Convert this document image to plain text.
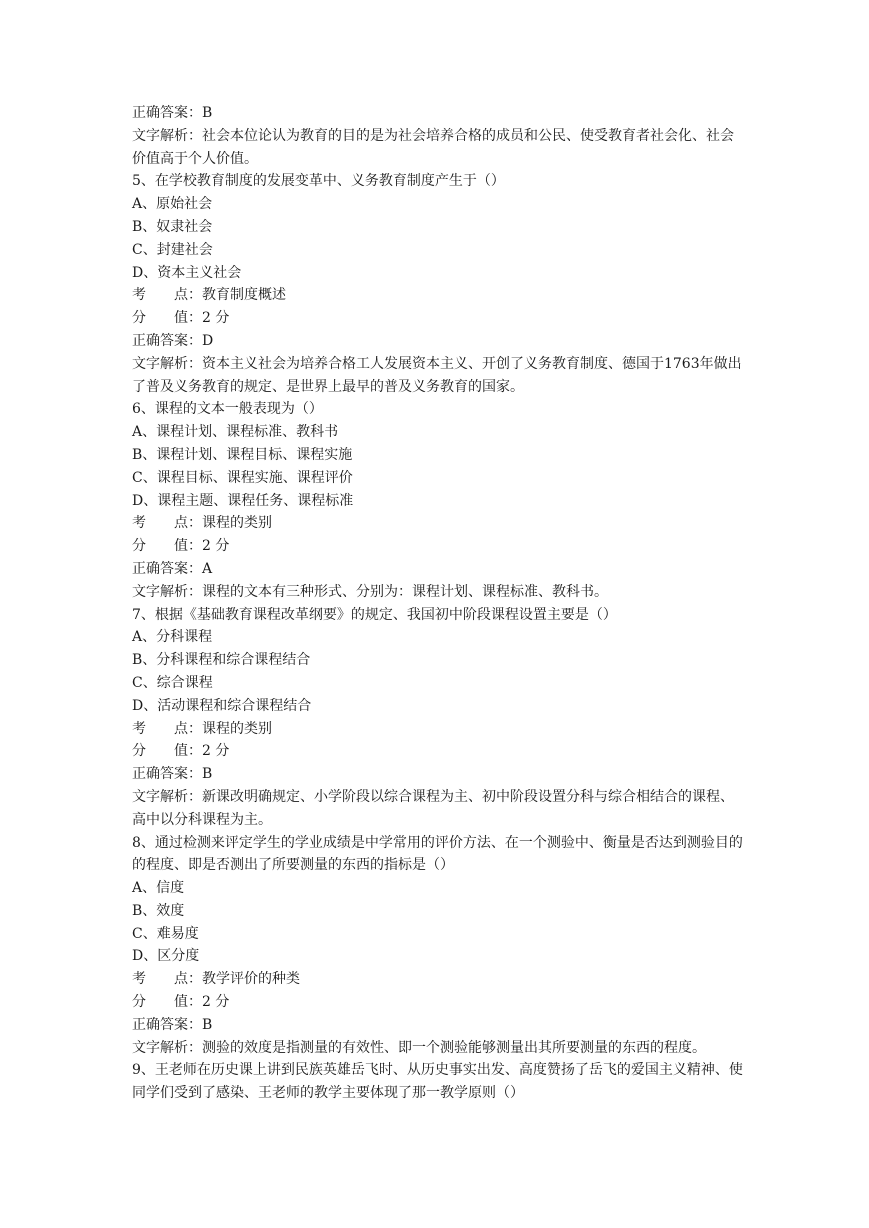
正确答案：B
文字解析：社会本位论认为教育的目的是为社会培养合格的成员和公民、使受教育者社会化、社会价值高于个人价值。
5、在学校教育制度的发展变革中、义务教育制度产生于（）
A、原始社会
B、奴隶社会
C、封建社会
D、资本主义社会
考　　点：教育制度概述
分　　值：2 分
正确答案：D
文字解析：资本主义社会为培养合格工人发展资本主义、开创了义务教育制度、德国于1763年做出了普及义务教育的规定、是世界上最早的普及义务教育的国家。
6、课程的文本一般表现为（）
A、课程计划、课程标准、教科书
B、课程计划、课程目标、课程实施
C、课程目标、课程实施、课程评价
D、课程主题、课程任务、课程标准
考　　点：课程的类别
分　　值：2 分
正确答案：A
文字解析：课程的文本有三种形式、分别为：课程计划、课程标准、教科书。
7、根据《基础教育课程改革纲要》的规定、我国初中阶段课程设置主要是（）
A、分科课程
B、分科课程和综合课程结合
C、综合课程
D、活动课程和综合课程结合
考　　点：课程的类别
分　　值：2 分
正确答案：B
文字解析：新课改明确规定、小学阶段以综合课程为主、初中阶段设置分科与综合相结合的课程、高中以分科课程为主。
8、通过检测来评定学生的学业成绩是中学常用的评价方法、在一个测验中、衡量是否达到测验目的的程度、即是否测出了所要测量的东西的指标是（）
A、信度
B、效度
C、难易度
D、区分度
考　　点：教学评价的种类
分　　值：2 分
正确答案：B
文字解析：测验的效度是指测量的有效性、即一个测验能够测量出其所要测量的东西的程度。
9、王老师在历史课上讲到民族英雄岳飞时、从历史事实出发、高度赞扬了岳飞的爱国主义精神、使同学们受到了感染、王老师的教学主要体现了那一教学原则（）
